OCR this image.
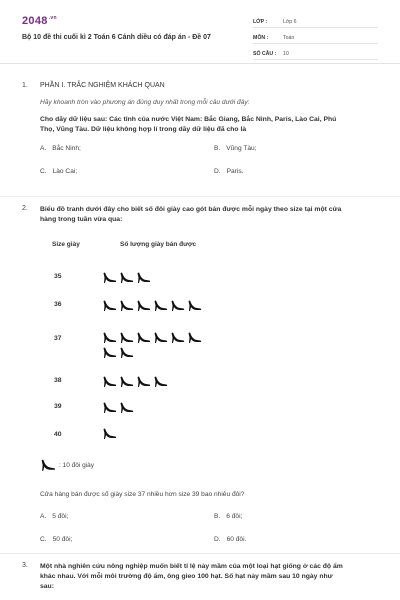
$2048^{.vn}$
Bộ 10 đề thi cuối kì 2 Toán 6 Cánh diều có đáp án - Đề 07
LỚP :	Lớp 6
MÔN :	Toán
SỐ CÂU :	10
1. PHẦN I. TRẮC NGHIỆM KHÁCH QUAN
Hãy khoanh tròn vào phương án đúng duy nhất trong mỗi câu dưới đây:
Cho dãy dữ liệu sau: Các tỉnh của nước Việt Nam: Bắc Giang, Bắc Ninh, Paris, Lào Cai, Phú
Thọ, Vũng Tàu. Dữ liệu không hợp lí trong dãy dữ liệu đã cho là
A. Bắc Ninh;	B. Vũng Tàu;
C. Lào Cai;	D. Paris.
2. Biểu đồ tranh dưới đây cho biết số đôi giày cao gót bán được mỗi ngày theo size tại một cửa
hàng trong tuần vừa qua:
Size giày	Số lượng giày bán được
35
36
37
38
39
40
: 10 đôi giày
Cửa hàng bán được số giày size 37 nhiều hơn size 39 bao nhiêu đôi?
A. 5 đôi;	B. 6 đôi;
C. 50 đôi;	D. 60 đôi.
3. Một nhà nghiên cứu nông nghiệp muốn biết tỉ lệ nảy mầm của một loại hạt giống ở các độ ẩm
khác nhau. Với mỗi môi trường độ ẩm, ông gieo 100 hạt. Số hạt nảy mầm sau 10 ngày như
sau:
